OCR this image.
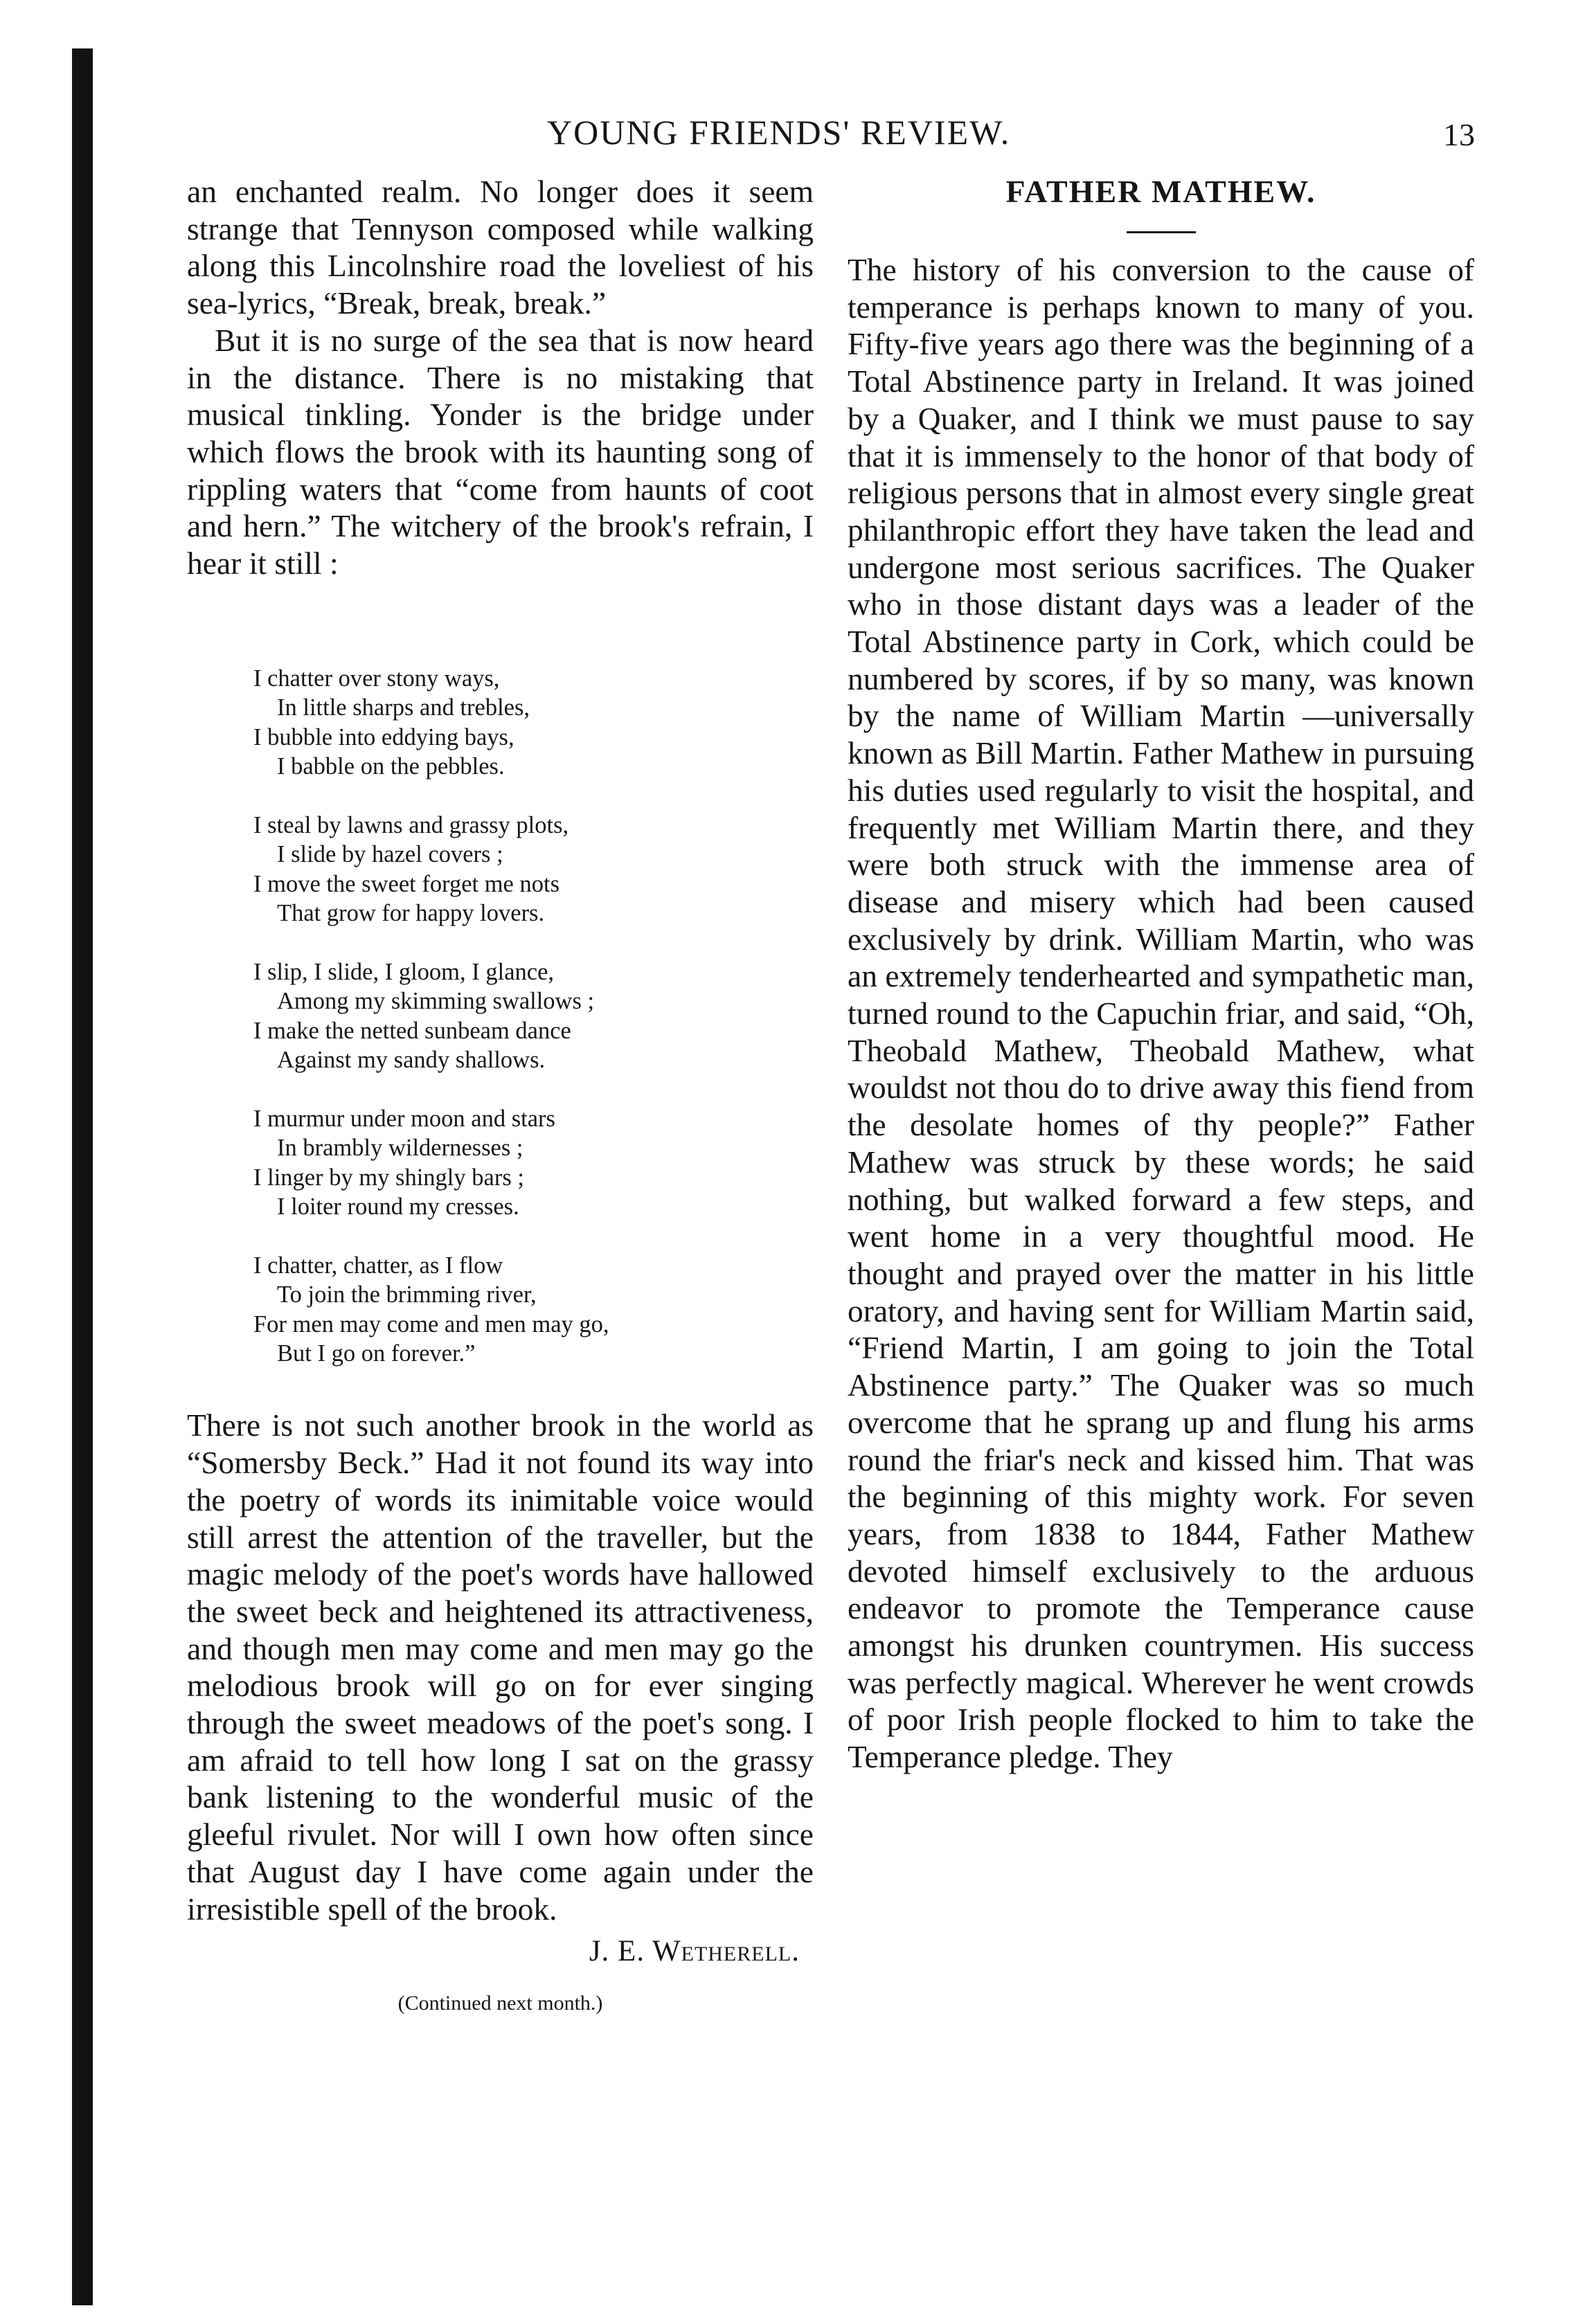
YOUNG FRIENDS' REVIEW.	13

an enchanted realm. No longer does it seem strange that Tennyson composed while walking along this Lincolnshire road the loveliest of his sea-lyrics, “Break, break, break.”

But it is no surge of the sea that is now heard in the distance. There is no mistaking that musical tinkling. Yonder is the bridge under which flows the brook with its haunting song of rippling waters that “come from haunts of coot and hern.” The witchery of the brook's refrain, I hear it still :

I chatter over stony ways,
In little sharps and trebles,
I bubble into eddying bays,
I babble on the pebbles.
I steal by lawns and grassy plots,
I slide by hazel covers ;
I move the sweet forget me nots
That grow for happy lovers.
I slip, I slide, I gloom, I glance,
Among my skimming swallows ;
I make the netted sunbeam dance
Against my sandy shallows.
I murmur under moon and stars
In brambly wildernesses ;
I linger by my shingly bars ;
I loiter round my cresses.
I chatter, chatter, as I flow
To join the brimming river,
For men may come and men may go,
But I go on forever.”

There is not such another brook in the world as “Somersby Beck.” Had it not found its way into the poetry of words its inimitable voice would still arrest the attention of the traveller, but the magic melody of the poet's words have hallowed the sweet beck and heightened its attractiveness, and though men may come and men may go the melodious brook will go on for ever singing through the sweet meadows of the poet's song. I am afraid to tell how long I sat on the grassy bank listening to the wonderful music of the gleeful rivulet. Nor will I own how often since that August day I have come again under the irresistible spell of the brook.

J. E. Wetherell.
(Continued next month.)
FATHER MATHEW.

The history of his conversion to the cause of temperance is perhaps known to many of you. Fifty-five years ago there was the beginning of a Total Abstinence party in Ireland. It was joined by a Quaker, and I think we must pause to say that it is immensely to the honor of that body of religious persons that in almost every single great philanthropic effort they have taken the lead and undergone most serious sacrifices. The Quaker who in those distant days was a leader of the Total Abstinence party in Cork, which could be numbered by scores, if by so many, was known by the name of William Martin —universally known as Bill Martin. Father Mathew in pursuing his duties used regularly to visit the hospital, and frequently met William Martin there, and they were both struck with the immense area of disease and misery which had been caused exclusively by drink. William Martin, who was an extremely tenderhearted and sympathetic man, turned round to the Capuchin friar, and said, “Oh, Theobald Mathew, Theobald Mathew, what wouldst not thou do to drive away this fiend from the desolate homes of thy people?” Father Mathew was struck by these words; he said nothing, but walked forward a few steps, and went home in a very thoughtful mood. He thought and prayed over the matter in his little oratory, and having sent for William Martin said, “Friend Martin, I am going to join the Total Abstinence party.” The Quaker was so much overcome that he sprang up and flung his arms round the friar's neck and kissed him. That was the beginning of this mighty work. For seven years, from 1838 to 1844, Father Mathew devoted himself exclusively to the arduous endeavor to promote the Temperance cause amongst his drunken countrymen. His success was perfectly magical. Wherever he went crowds of poor Irish people flocked to him to take the Temperance pledge. They
